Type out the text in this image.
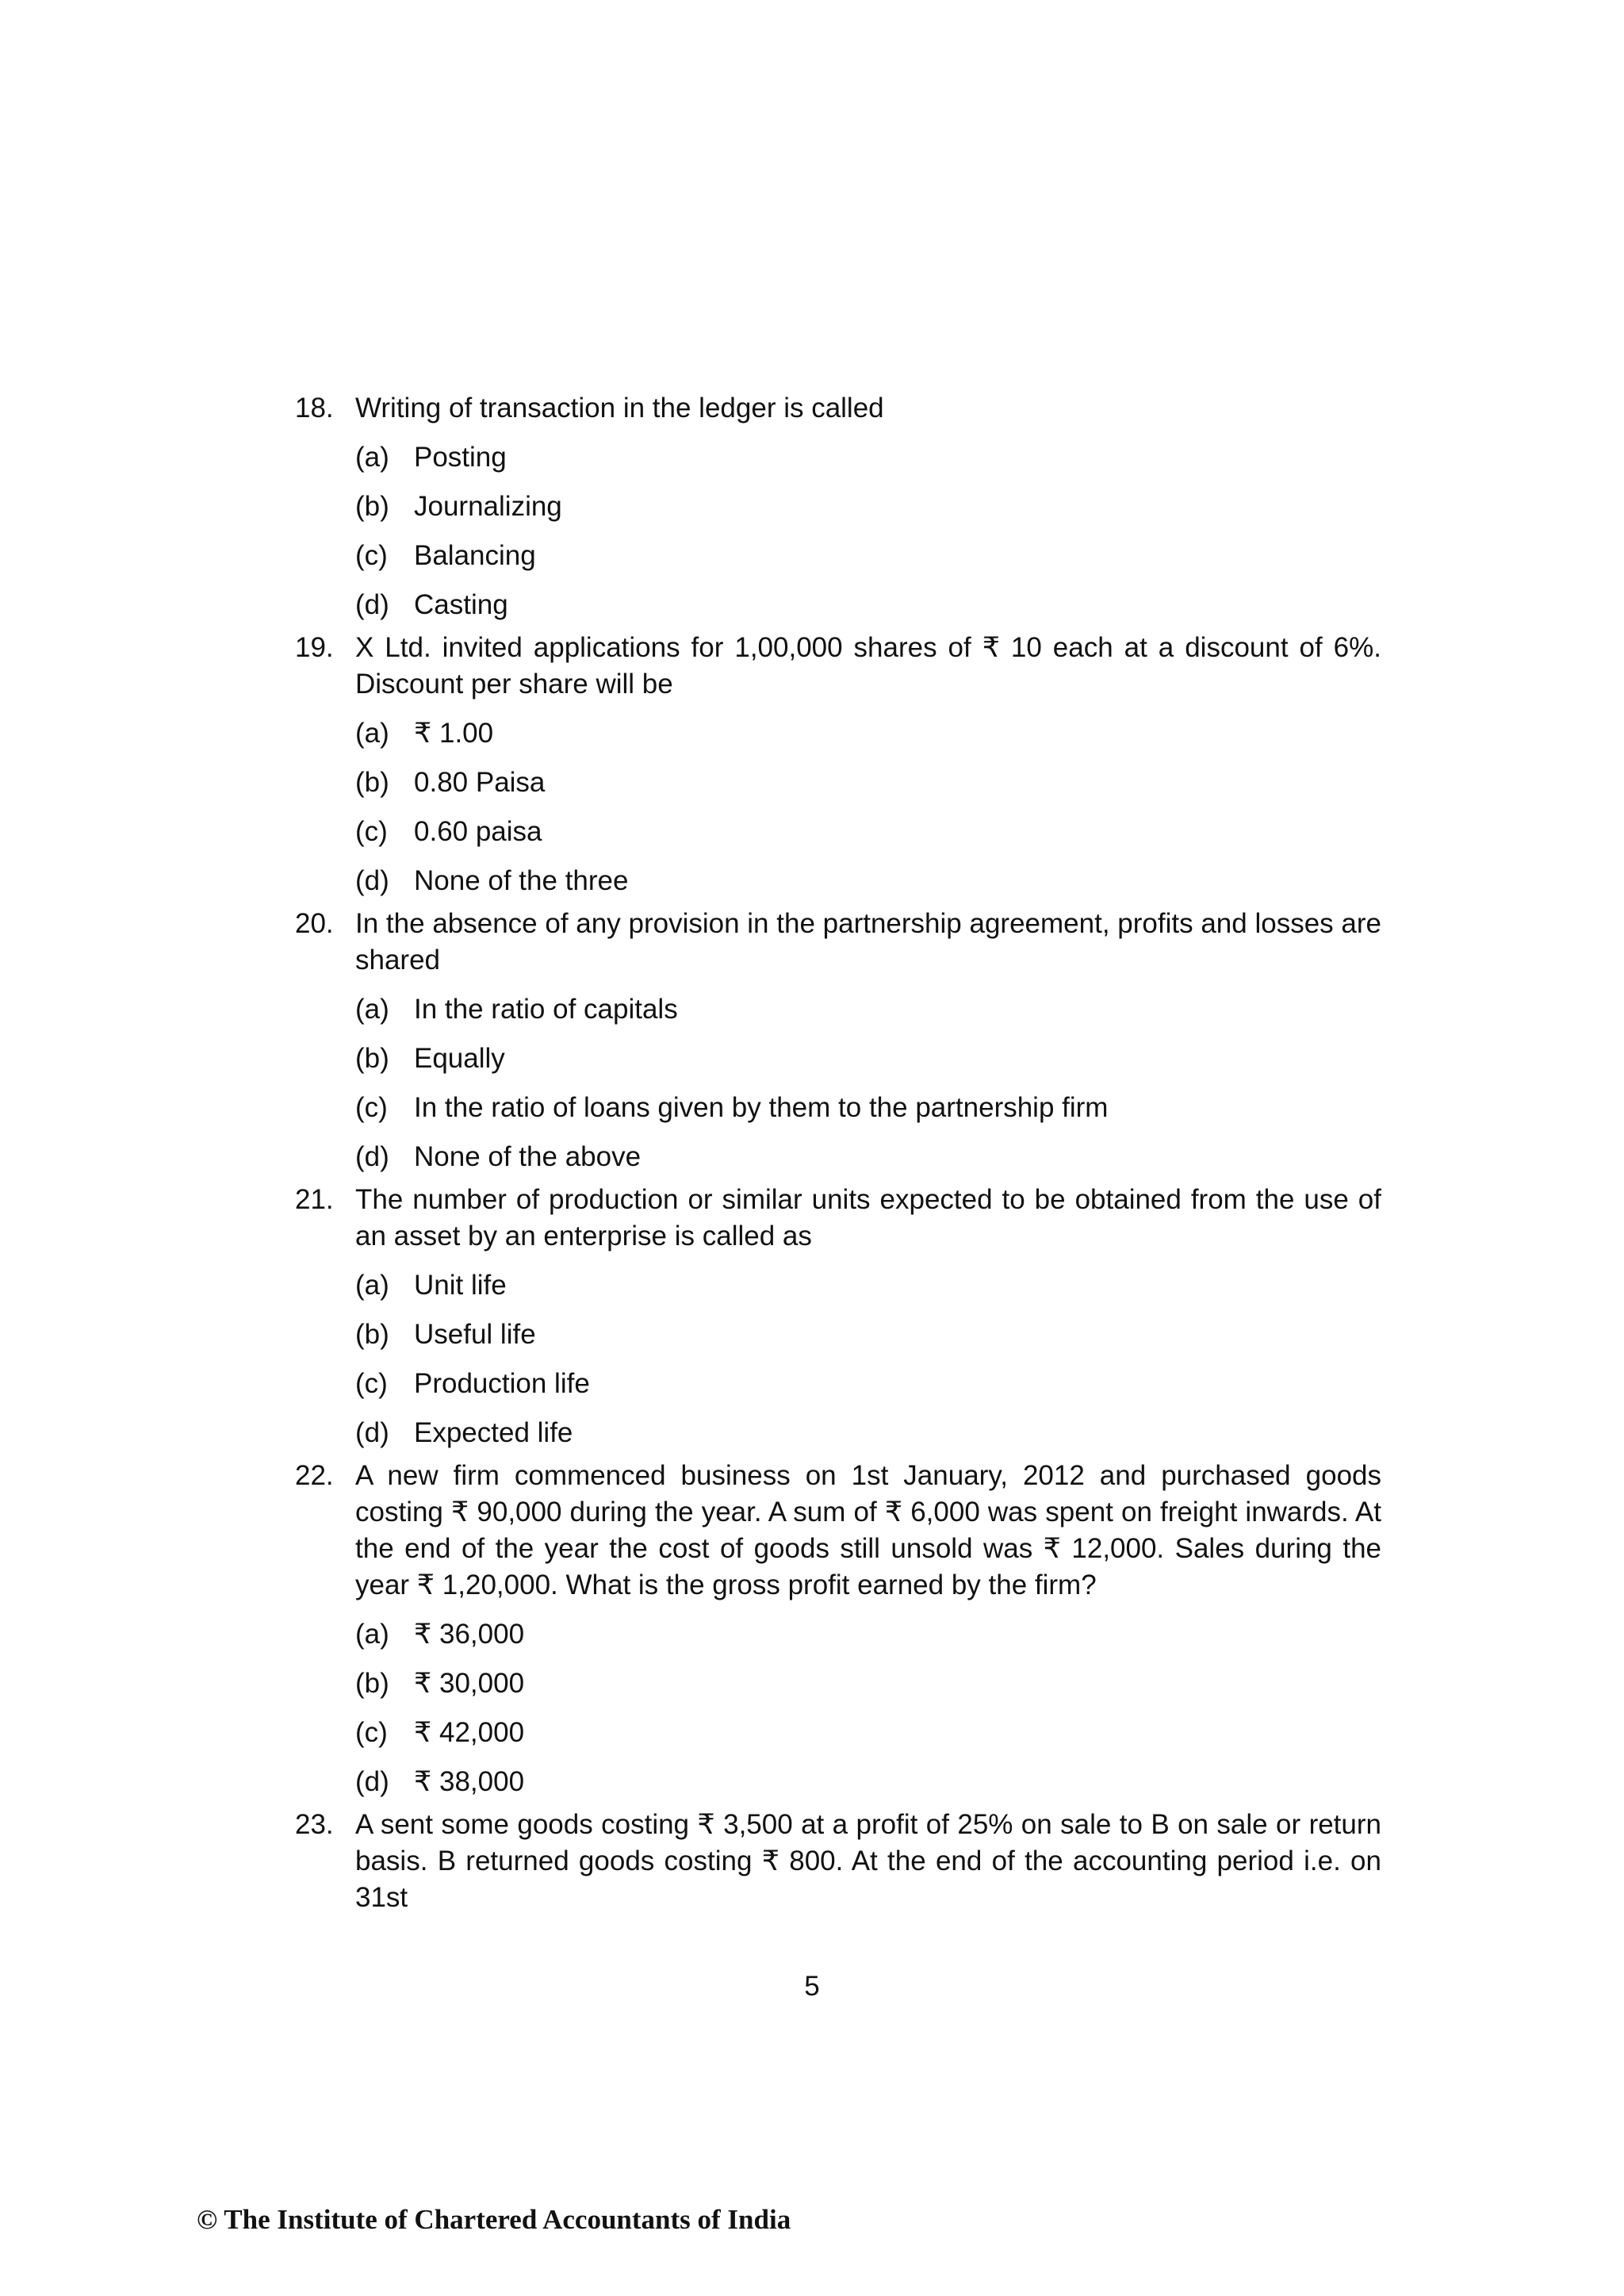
18. Writing of transaction in the ledger is called
(a) Posting
(b) Journalizing
(c) Balancing
(d) Casting
19. X Ltd. invited applications for 1,00,000 shares of ₹ 10 each at a discount of 6%. Discount per share will be
(a) ₹ 1.00
(b) 0.80 Paisa
(c) 0.60 paisa
(d) None of the three
20. In the absence of any provision in the partnership agreement, profits and losses are shared
(a) In the ratio of capitals
(b) Equally
(c) In the ratio of loans given by them to the partnership firm
(d) None of the above
21. The number of production or similar units expected to be obtained from the use of an asset by an enterprise is called as
(a) Unit life
(b) Useful life
(c) Production life
(d) Expected life
22. A new firm commenced business on 1st January, 2012 and purchased goods costing ₹ 90,000 during the year. A sum of ₹ 6,000 was spent on freight inwards. At the end of the year the cost of goods still unsold was ₹ 12,000. Sales during the year ₹ 1,20,000. What is the gross profit earned by the firm?
(a) ₹ 36,000
(b) ₹ 30,000
(c) ₹ 42,000
(d) ₹ 38,000
23. A sent some goods costing ₹ 3,500 at a profit of 25% on sale to B on sale or return basis. B returned goods costing ₹ 800. At the end of the accounting period i.e. on 31st
5
© The Institute of Chartered Accountants of India
